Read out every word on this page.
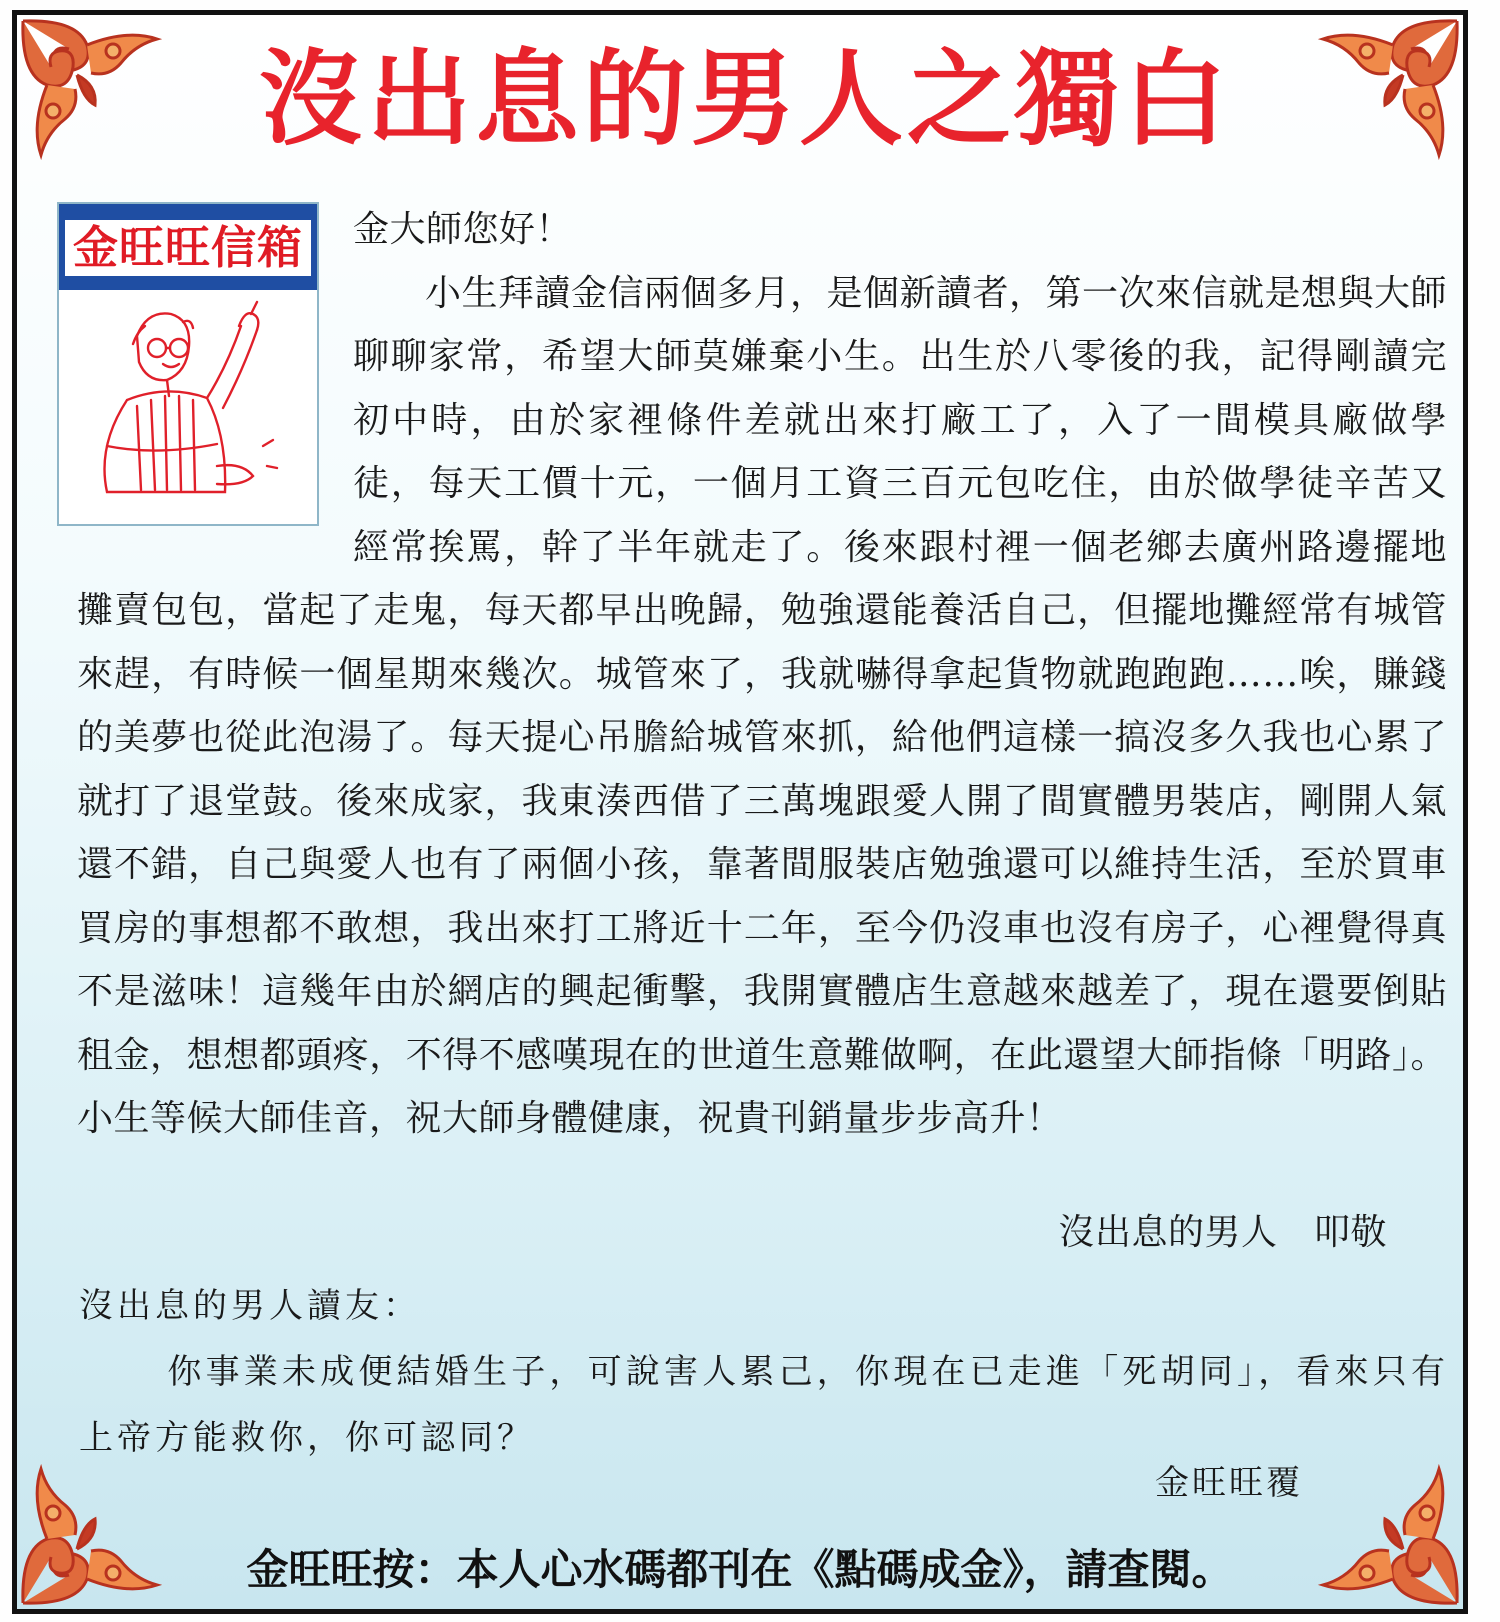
沒出息的男人之獨白
金旺旺信箱	金大師您好！
小生拜讀金信兩個多月，是個新讀者，第一次來信就是想與大師聊聊家常，希望大師莫嫌棄小生。出生於八零後的我，記得剛讀完初中時，由於家裡條件差就出來打廠工了，入了一間模具廠做學徒，每天工價十元，一個月工資三百元包吃住，由於做學徒辛苦又經常挨罵，幹了半年就走了。後來跟村裡一個老鄉去廣州路邊擺地攤賣包包，當起了走鬼，每天都早出晚歸，勉強還能養活自己，但擺地攤經常有城管來趕，有時候一個星期來幾次。城管來了，我就嚇得拿起貨物就跑跑跑……唉，賺錢的美夢也從此泡湯了。每天提心吊膽給城管來抓，給他們這樣一搞沒多久我也心累了就打了退堂鼓。後來成家，我東湊西借了三萬塊跟愛人開了間實體男裝店，剛開人氣還不錯，自己與愛人也有了兩個小孩，靠著間服裝店勉強還可以維持生活，至於買車買房的事想都不敢想，我出來打工將近十二年，至今仍沒車也沒有房子，心裡覺得真不是滋味！這幾年由於網店的興起衝擊，我開實體店生意越來越差了，現在還要倒貼租金，想想都頭疼，不得不感嘆現在的世道生意難做啊，在此還望大師指條「明路」。小生等候大師佳音，祝大師身體健康，祝貴刊銷量步步高升！
沒出息的男人　叩敬
沒出息的男人讀友：
你事業未成便結婚生子，可說害人累己，你現在已走進「死胡同」，看來只有上帝方能救你，你可認同？
金旺旺覆
金旺旺按：本人心水碼都刊在《點碼成金》，請查閱。
